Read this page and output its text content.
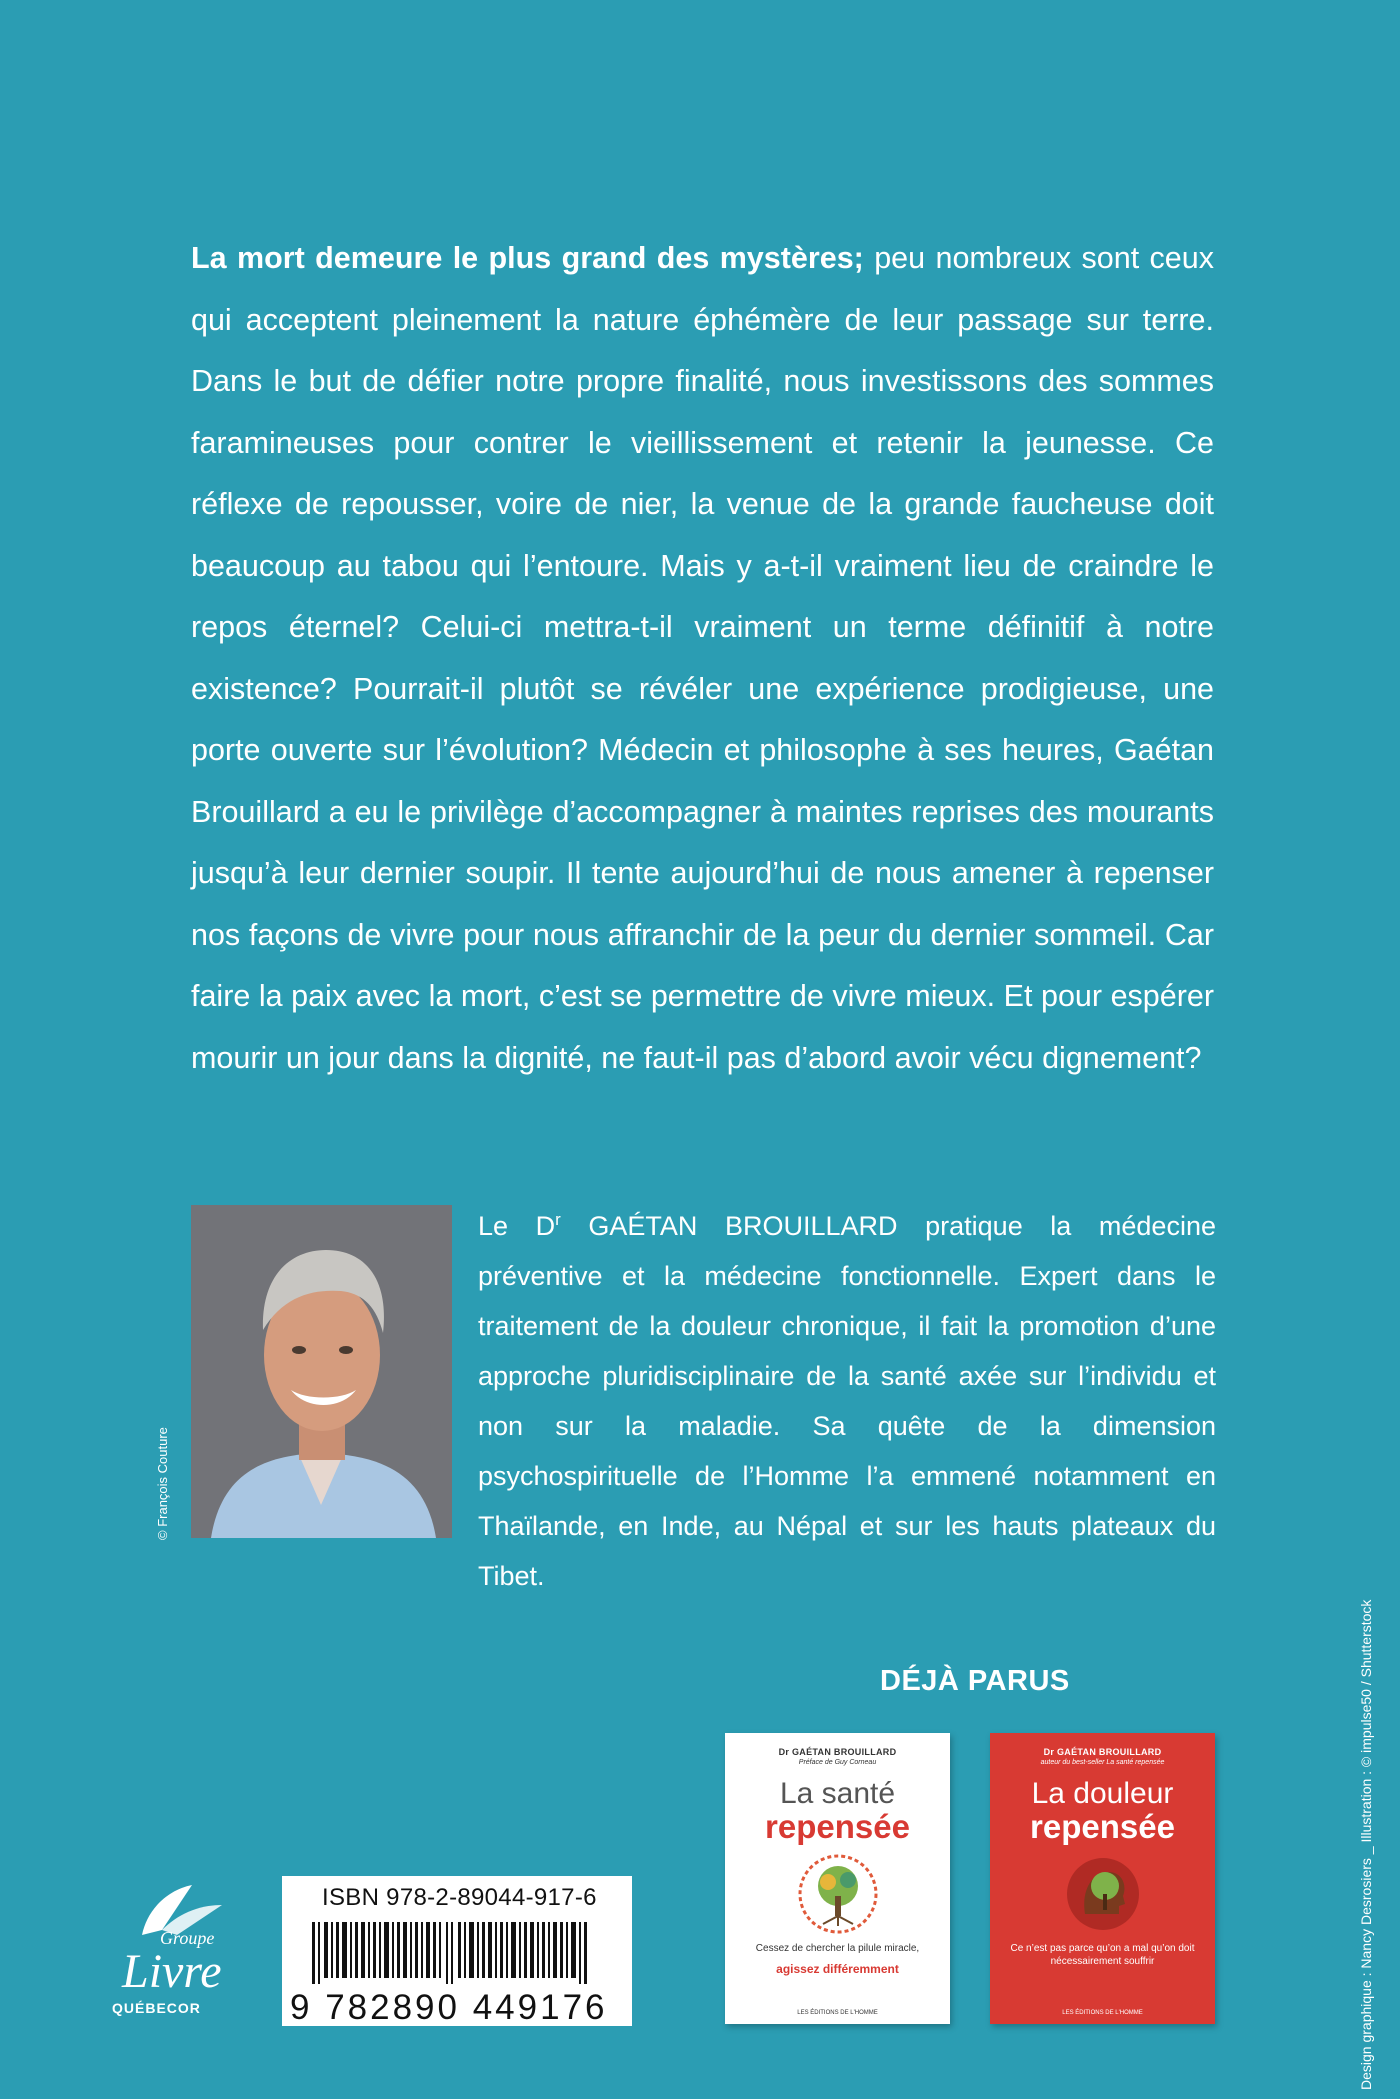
La mort demeure le plus grand des mystères; peu nombreux sont ceux qui acceptent pleinement la nature éphémère de leur passage sur terre. Dans le but de défier notre propre finalité, nous investissons des sommes faramineuses pour contrer le vieillissement et retenir la jeunesse. Ce réflexe de repousser, voire de nier, la venue de la grande faucheuse doit beaucoup au tabou qui l’entoure. Mais y a-t-il vraiment lieu de craindre le repos éternel? Celui-ci mettra-t-il vraiment un terme définitif à notre existence? Pourrait-il plutôt se révéler une expérience prodigieuse, une porte ouverte sur l’évolution? Médecin et philosophe à ses heures, Gaétan Brouillard a eu le privilège d’accompagner à maintes reprises des mourants jusqu’à leur dernier soupir. Il tente aujourd’hui de nous amener à repenser nos façons de vivre pour nous affranchir de la peur du dernier sommeil. Car faire la paix avec la mort, c’est se permettre de vivre mieux. Et pour espérer mourir un jour dans la dignité, ne faut-il pas d’abord avoir vécu dignement?

© François Couture

Le $D^r$ GAÉTAN BROUILLARD pratique la médecine préventive et la médecine fonctionnelle. Expert dans le traitement de la douleur chronique, il fait la promotion d’une approche pluridisciplinaire de la santé axée sur l’individu et non sur la maladie. Sa quête de la dimension psychospirituelle de l’Homme l’a emmené notamment en Thaïlande, en Inde, au Népal et sur les hauts plateaux du Tibet.

Design graphique : Nancy Desrosiers _ Illustration : © impulse50 / Shutterstock
DÉJÀ PARUS
Dr GAÉTAN BROUILLARD
Préface de Guy Corneau
La santé
repensée
Cessez de chercher la pilule miracle,
agissez différemment
LES ÉDITIONS DE L'HOMME
Dr GAÉTAN BROUILLARD
auteur du best-seller La santé repensée
La douleur
repensée
Ce n’est pas parce qu’on a mal qu’on doit nécessairement souffrir
LES ÉDITIONS DE L'HOMME
Groupe
Livre
QUÉBECOR
ISBN 978-2-89044-917-6
9 782890 449176
